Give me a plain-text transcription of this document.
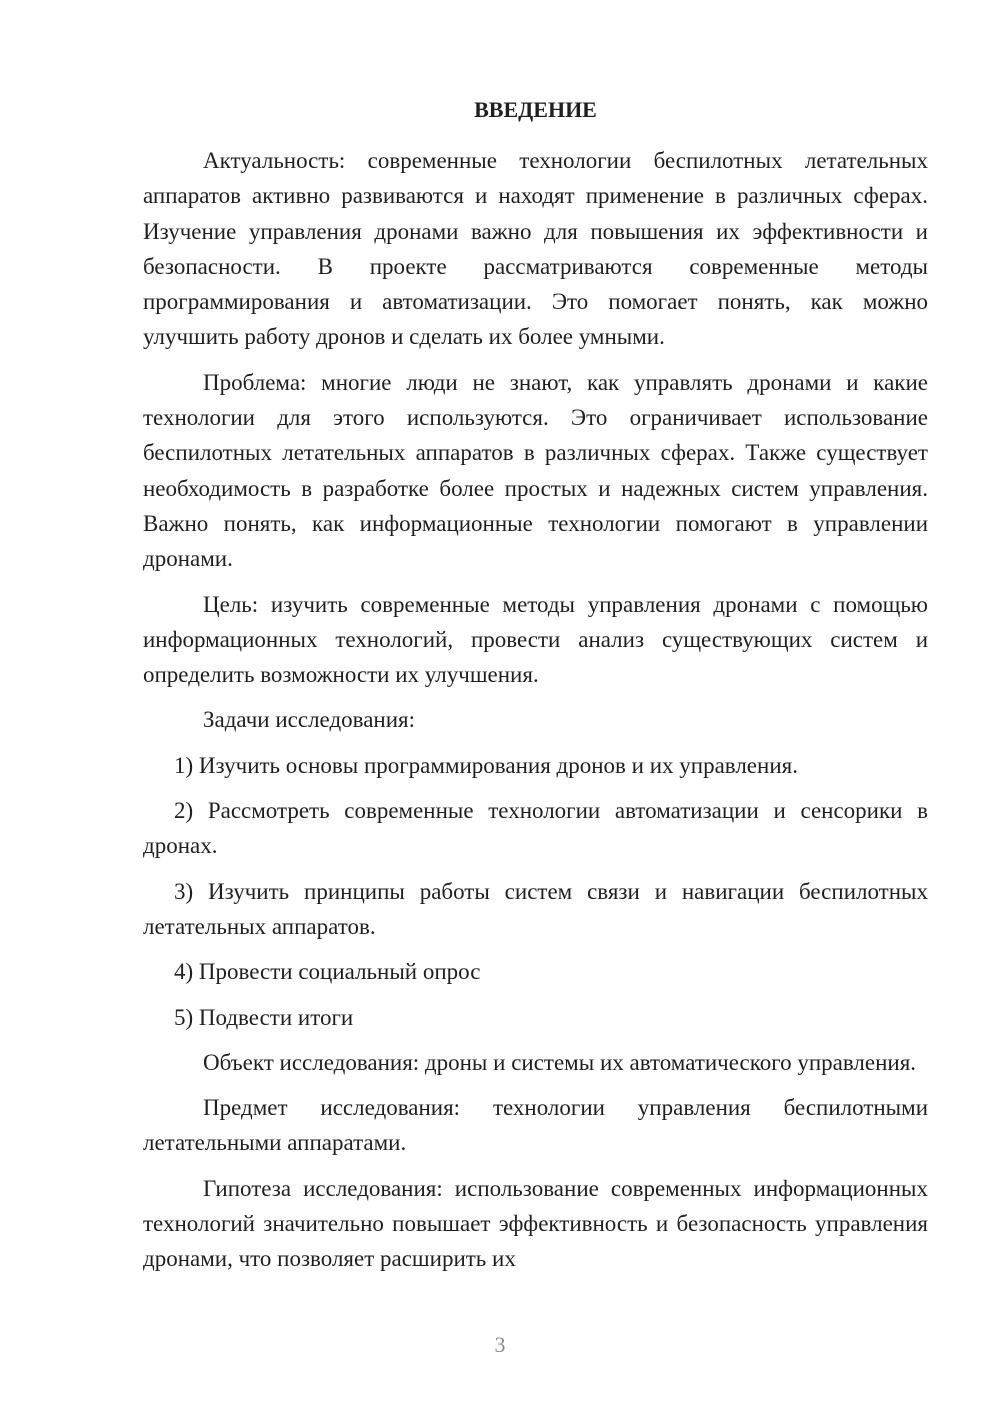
ВВЕДЕНИЕ

Актуальность: современные технологии беспилотных летательных аппаратов активно развиваются и находят применение в различных сферах. Изучение управления дронами важно для повышения их эффективности и безопасности. В проекте рассматриваются современные методы программирования и автоматизации. Это помогает понять, как можно улучшить работу дронов и сделать их более умными.

Проблема: многие люди не знают, как управлять дронами и какие технологии для этого используются. Это ограничивает использование беспилотных летательных аппаратов в различных сферах. Также существует необходимость в разработке более простых и надежных систем управления. Важно понять, как информационные технологии помогают в управлении дронами.

Цель: изучить современные методы управления дронами с помощью информационных технологий, провести анализ существующих систем и определить возможности их улучшения.

Задачи исследования:

1) Изучить основы программирования дронов и их управления.

2) Рассмотреть современные технологии автоматизации и сенсорики в дронах.

3) Изучить принципы работы систем связи и навигации беспилотных летательных аппаратов.

4) Провести социальный опрос

5) Подвести итоги

Объект исследования: дроны и системы их автоматического управления.

Предмет исследования: технологии управления беспилотными летательными аппаратами.

Гипотеза исследования: использование современных информационных технологий значительно повышает эффективность и безопасность управления дронами, что позволяет расширить их

3
